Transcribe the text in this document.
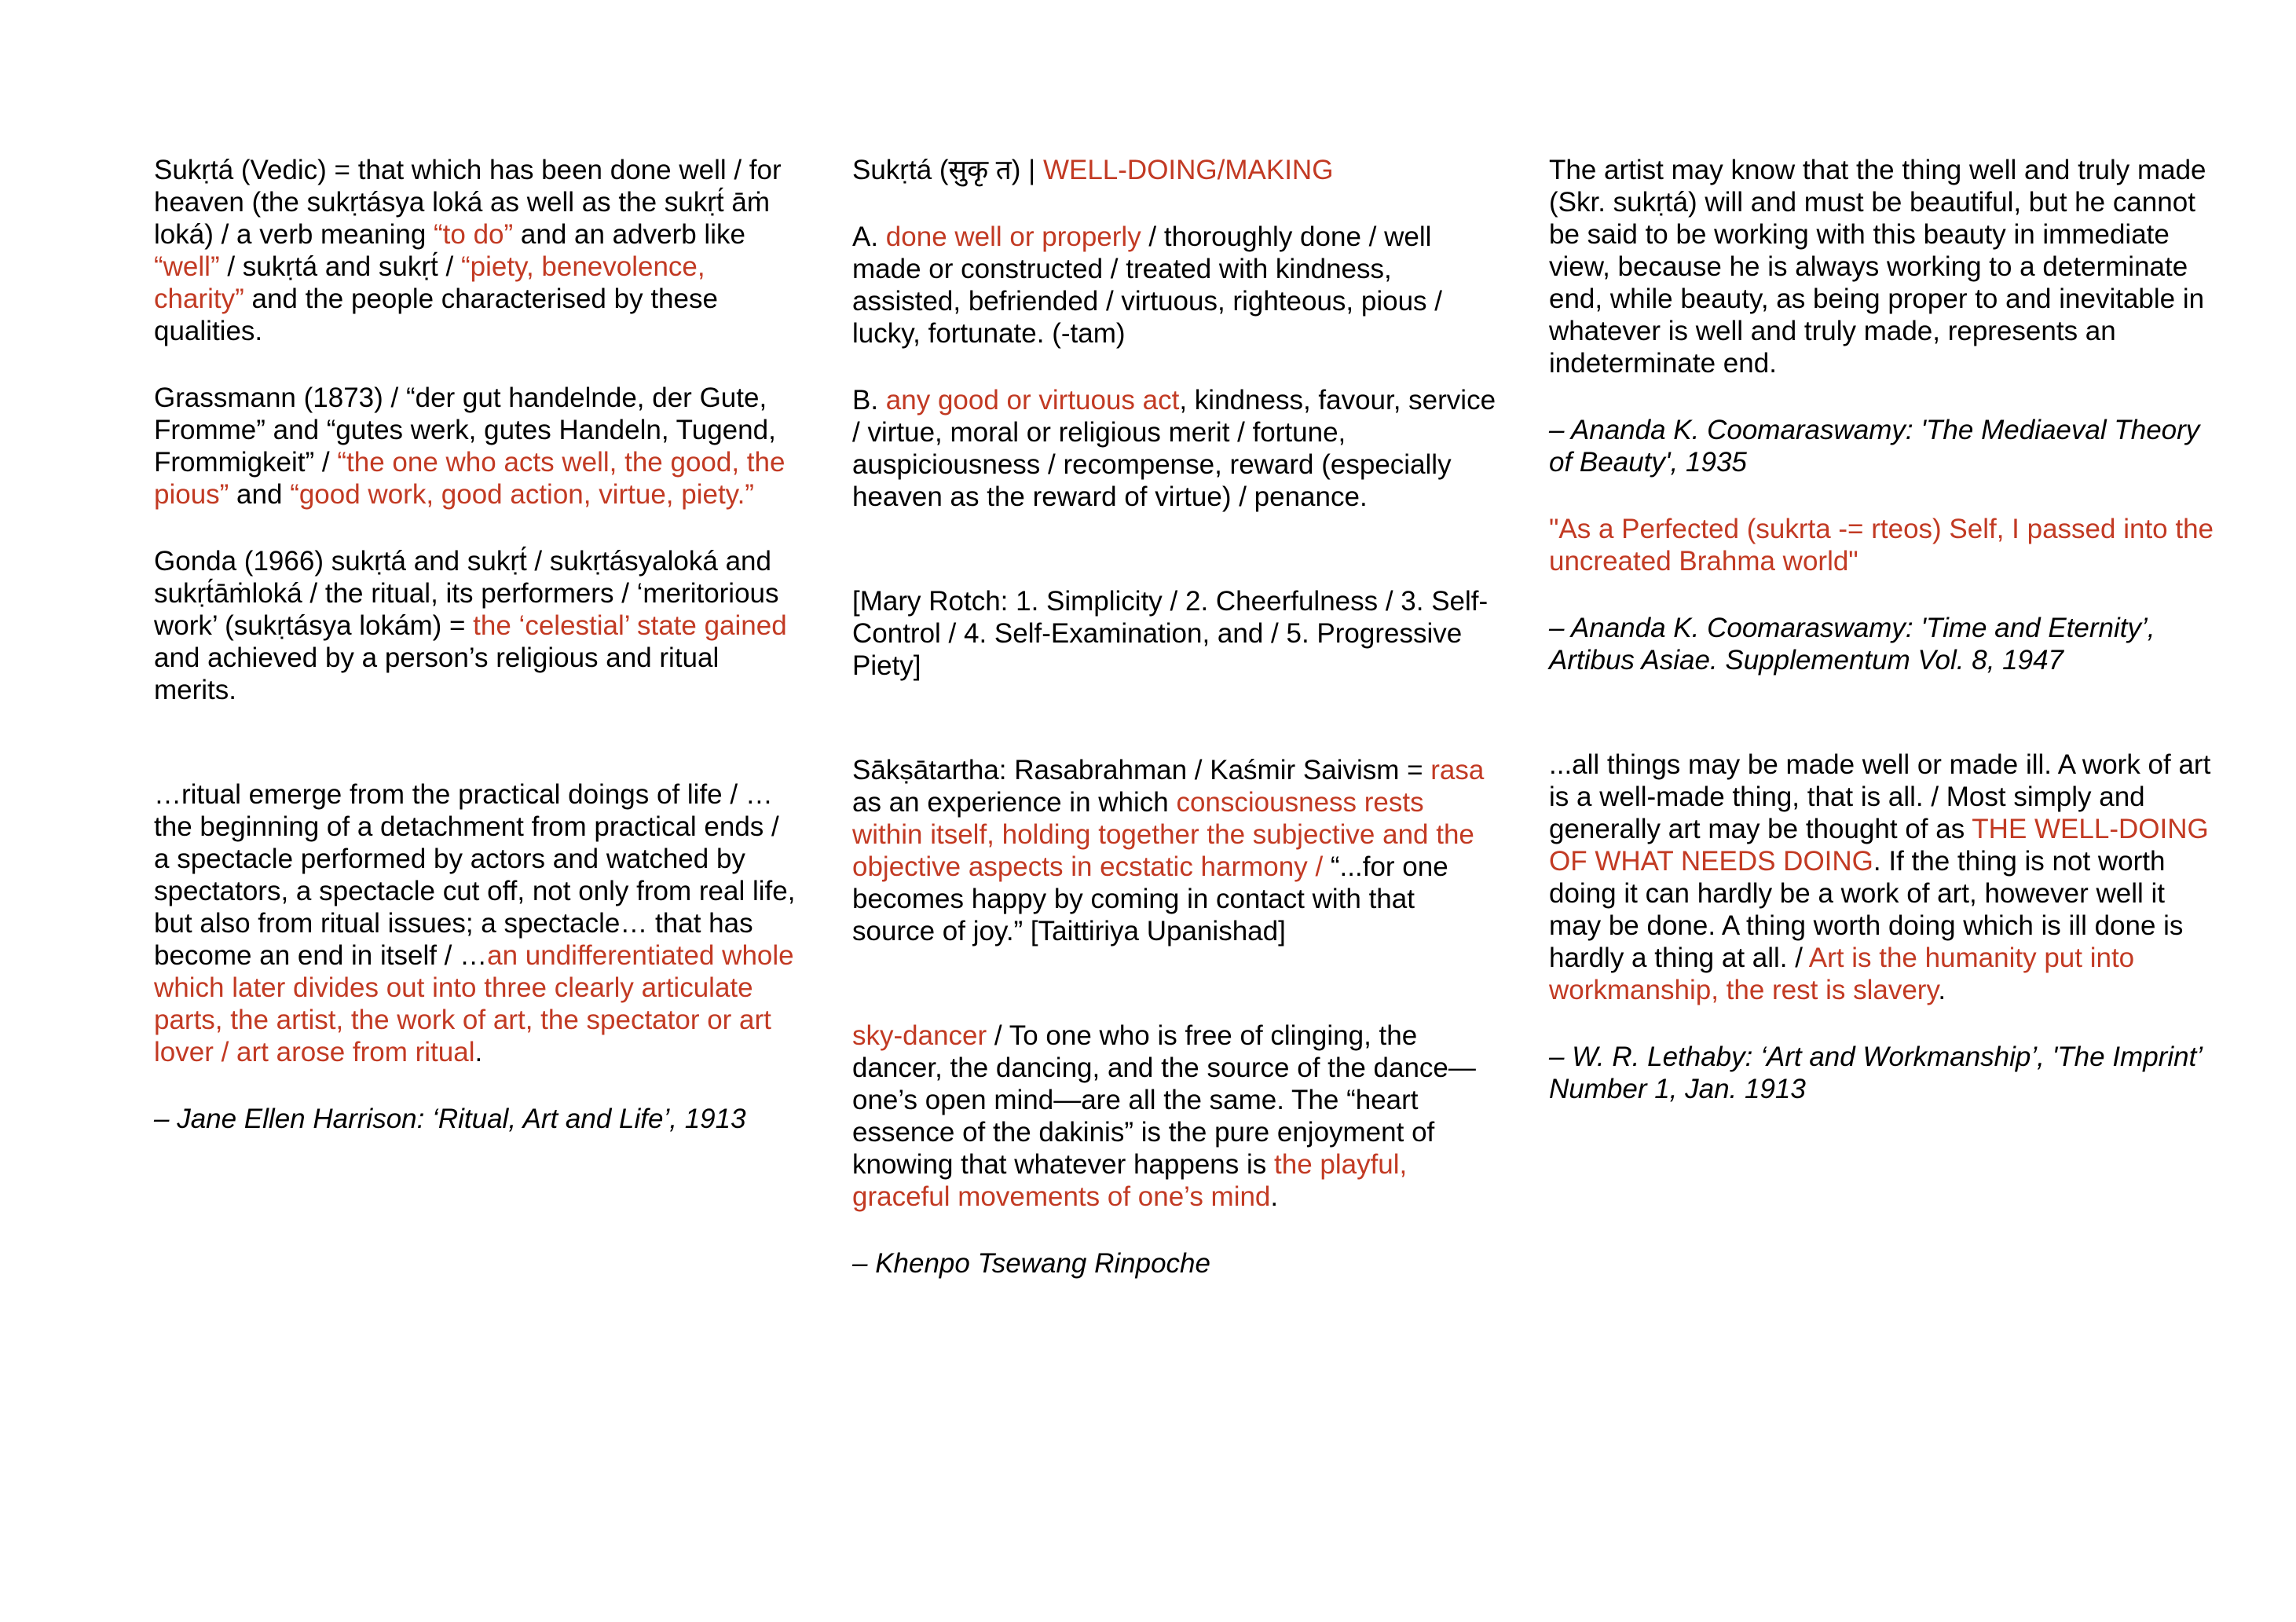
Sukṛtá (Vedic) = that which has been done well / for heaven (the sukṛtásya loká as well as the sukṛt́ āṁ loká) / a verb meaning “to do” and an adverb like “well” / sukṛtá and sukṛt́ / “piety, benevolence, charity” and the people characterised by these qualities.

Grassmann (1873) / “der gut handelnde, der Gute, Fromme” and “gutes werk, gutes Handeln, Tugend, Frommigkeit” / “the one who acts well, the good, the pious” and “good work, good action, virtue, piety.”

Gonda (1966) sukṛtá and sukṛt́ / sukṛtásyaloká and sukṛt́āṁloká / the ritual, its performers / ‘meritorious work’ (sukṛtásya lokám) = the ‘celestial’ state gained and achieved by a person’s religious and ritual merits.

…ritual emerge from the practical doings of life / …the beginning of a detachment from practical ends / a spectacle performed by actors and watched by spectators, a spectacle cut off, not only from real life, but also from ritual issues; a spectacle… that has become an end in itself / …an undifferentiated whole which later divides out into three clearly articulate parts, the artist, the work of art, the spectator or art lover / art arose from ritual.

– Jane Ellen Harrison: ‘Ritual, Art and Life’, 1913

Sukṛtá (सुकृ त) | WELL-DOING/MAKING

A. done well or properly / thoroughly done / well made or constructed / treated with kindness, assisted, befriended / virtuous, righteous, pious / lucky, fortunate. (-tam)

B. any good or virtuous act, kindness, favour, service / virtue, moral or religious merit / fortune, auspiciousness / recompense, reward (especially heaven as the reward of virtue) / penance.

[Mary Rotch: 1. Simplicity / 2. Cheerfulness / 3. Self-Control / 4. Self-Examination, and / 5. Progressive Piety]

Sākṣātartha: Rasabrahman / Kaśmir Saivism = rasa as an experience in which consciousness rests within itself, holding together the subjective and the objective aspects in ecstatic harmony / “...for one becomes happy by coming in contact with that source of joy.” [Taittiriya Upanishad]

sky-dancer / To one who is free of clinging, the dancer, the dancing, and the source of the dance—one’s open mind—are all the same. The “heart essence of the dakinis” is the pure enjoyment of knowing that whatever happens is the playful, graceful movements of one’s mind.

– Khenpo Tsewang Rinpoche

The artist may know that the thing well and truly made (Skr. sukṛtá) will and must be beautiful, but he cannot be said to be working with this beauty in immediate view, because he is always working to a determinate end, while beauty, as being proper to and inevitable in whatever is well and truly made, represents an indeterminate end.

– Ananda K. Coomaraswamy: 'The Mediaeval Theory of Beauty', 1935

"As a Perfected (sukrta -= rteos) Self, I passed into the uncreated Brahma world"

– Ananda K. Coomaraswamy: 'Time and Eternity’, Artibus Asiae. Supplementum Vol. 8, 1947

...all things may be made well or made ill. A work of art is a well-made thing, that is all. / Most simply and generally art may be thought of as THE WELL-DOING OF WHAT NEEDS DOING. If the thing is not worth doing it can hardly be a work of art, however well it may be done. A thing worth doing which is ill done is hardly a thing at all. / Art is the humanity put into workmanship, the rest is slavery.

– W. R. Lethaby: ‘Art and Workmanship’, 'The Imprint’ Number 1, Jan. 1913
